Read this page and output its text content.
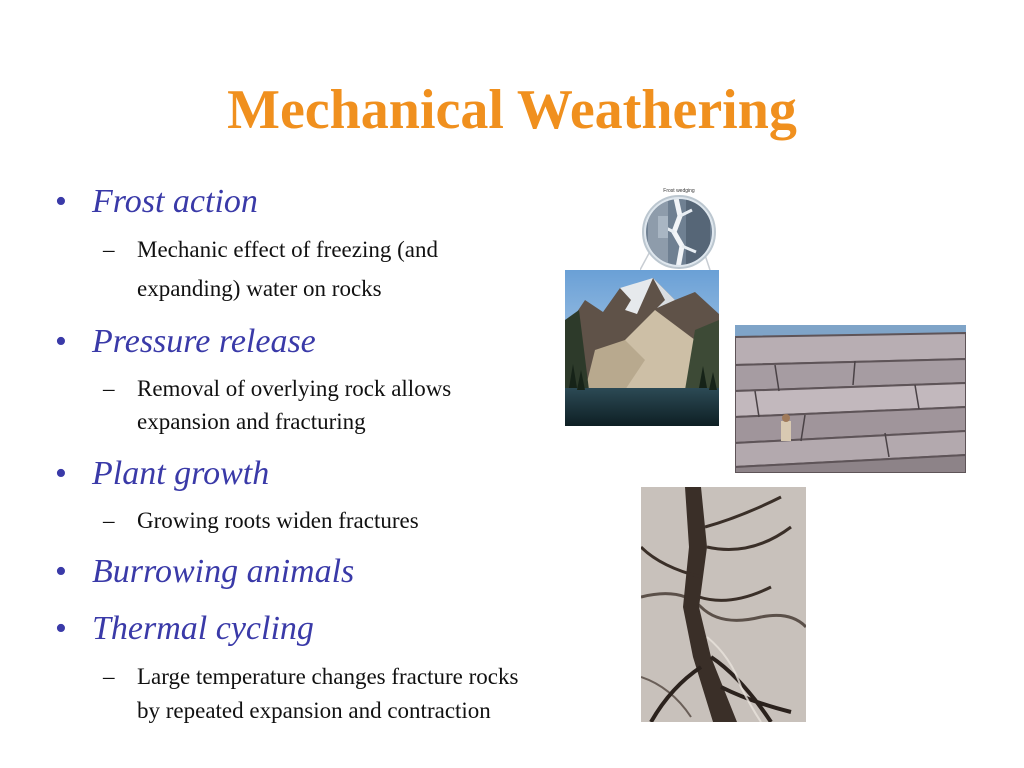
Mechanical Weathering
• Frost action
– Mechanic effect of freezing (and
expanding) water on rocks
• Pressure release
– Removal of overlying rock allows
expansion and fracturing
• Plant growth
– Growing roots widen fractures
• Burrowing animals
• Thermal cycling
– Large temperature changes fracture rocks
by repeated expansion and contraction
Frost wedging
